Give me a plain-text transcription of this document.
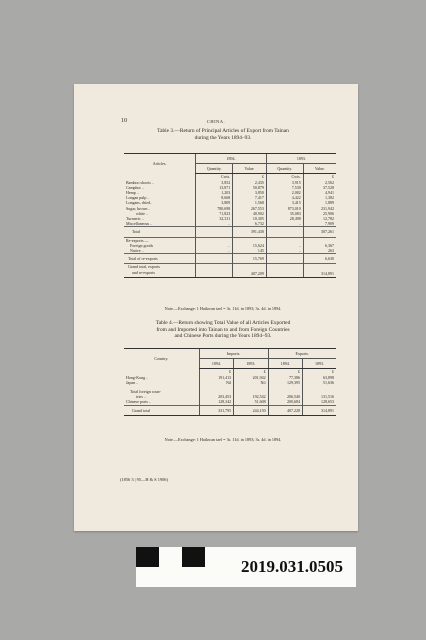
10	CHINA.
Table 3.—Return of Principal Articles of Export from Tainan
during the Years 1894–93.
Articles.	1894.		1893.	
	Quantity.	Value.	Quantity.	Value.
	Cwts.	£	Cwts.	£
Bamboo shoots ..	3,852	2,435	3,915	2,562
Camphor ..	13,871	50,879	7,530	37,528
Hemp ..	1,203	3,850	2,082	4,941
Longan pulp ..	8,668	7,417	4,422	1,382
Longans, dried..	3,809	1,568	3,415	1,889
Sugar, brown ..	780,698	267,553	873,010	231,942
white ..	71,823	40,902	35,083	25,906
Turmeric ..	32,311	10,305	28,498	12,782
Miscellaneous ..	..	6,732	..	7,909
Total		391,430		307,261
Re-exports —				
Foreign goods	..	15,624	..	6,367
Native ..	..	145	..	263
Total of re-exports		15,769		6,630
Grand total, exports				
and re-exports		407,209		314,891
Note.—Exchange: 1 Haikwan tael = 3s. 11d. in 1893; 3s. 4d. in 1894.
Table 4.—Return showing Total Value of all Articles Exported
from and Imported into Tainan to and from Foreign Countries
and Chinese Ports during the Years 1894–93.
Country.	Imports.		Exports.	
	1894.	1893.	1894.	1893.
	£	£	£	£
Hong-Kong ..	191,413	201,942	77,386	63,898
Japan ..	Nil	Nil	129,395	51,636

Total foreign coun-				
tries ..	203,453	192,542	206,540	131,516
Chinese ports ..	128,342	51,608	200,684	128,653
Grand total	331,795	244,150	407,228	314,891
Note.—Exchange: 1 Haikwan tael = 3s. 11d. in 1893; 3s. 4d. in 1894.
(1856 3 | 95—H & S 1906)
2019.031.0505
